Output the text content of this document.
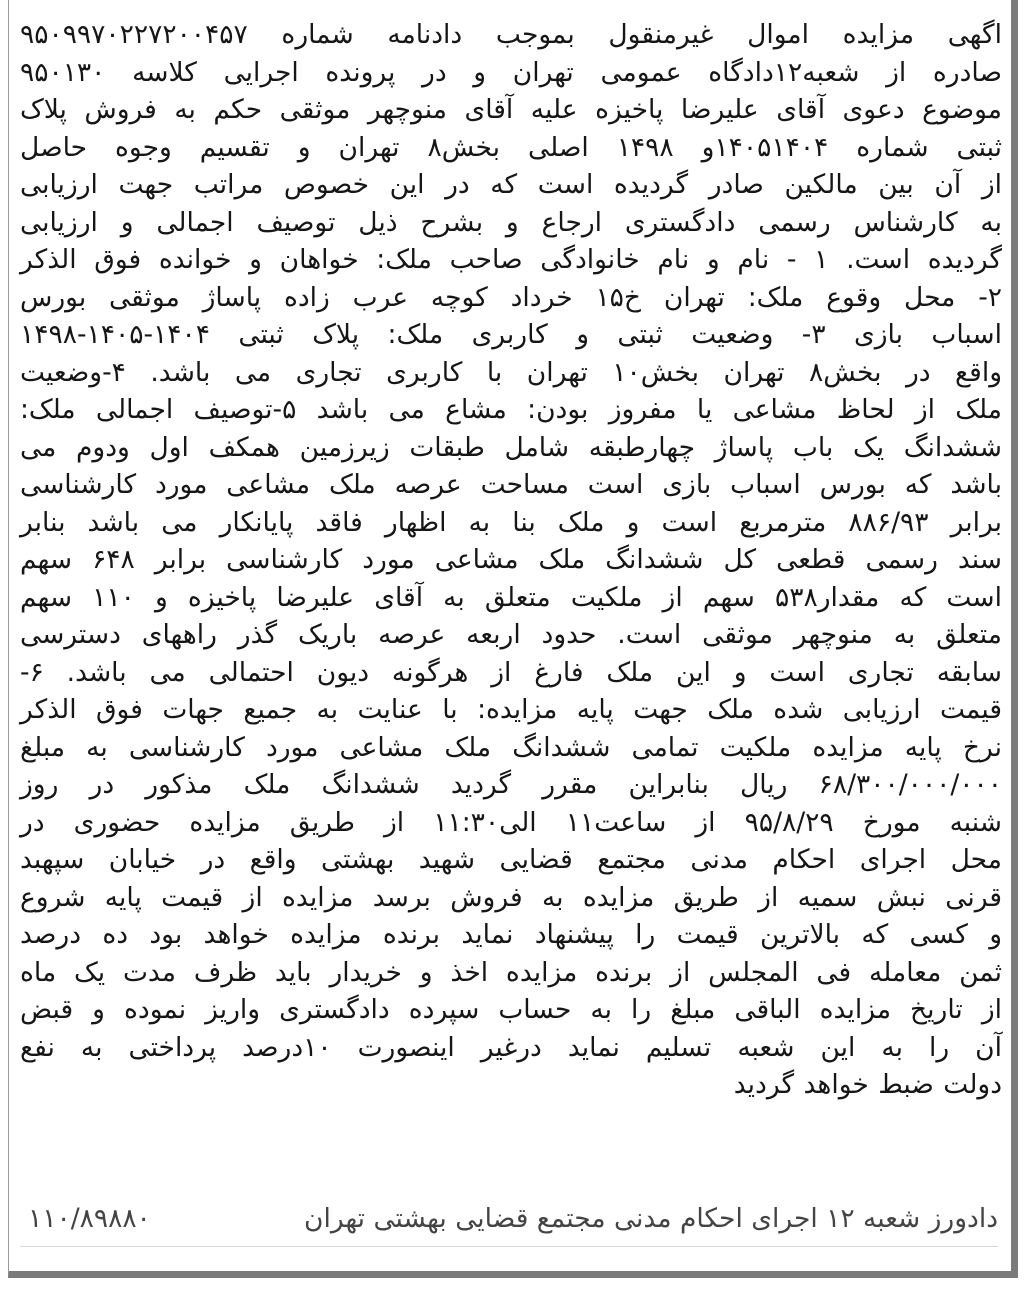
اگهی مزایده اموال غیرمنقول بموجب دادنامه شماره ۹۵۰۹۹۷۰۲۲۷۲۰۰۴۵۷
صادره از شعبه۱۲دادگاه عمومی تهران و در پرونده اجرایی کلاسه ۹۵۰۱۳۰
موضوع دعوی آقای علیرضا پاخیزه علیه آقای منوچهر موثقی حکم به فروش پلاک
ثبتی شماره ۱۴۰۵۱۴۰۴و ۱۴۹۸ اصلی بخش۸ تهران و تقسیم وجوه حاصل
از آن بین مالکین صادر گردیده است که در این خصوص مراتب جهت ارزیابی
به کارشناس رسمی دادگستری ارجاع و بشرح ذیل توصیف اجمالی و ارزیابی
گردیده است. ۱ - نام و نام خانوادگی صاحب ملک: خواهان و خوانده فوق الذکر
۲- محل وقوع ملک: تهران خ۱۵ خرداد کوچه عرب زاده پاساژ موثقی بورس
اسباب بازی ۳- وضعیت ثبتی و کاربری ملک: پلاک ثبتی ۱۴۰۴-۱۴۰۵-۱۴۹۸
واقع در بخش۸ تهران بخش۱۰ تهران با کاربری تجاری می باشد. ۴-وضعیت
ملک از لحاظ مشاعی یا مفروز بودن: مشاع می باشد ۵-توصیف اجمالی ملک:
ششدانگ یک باب پاساژ چهارطبقه شامل طبقات زیرزمین همکف اول ودوم می
باشد که بورس اسباب بازی است مساحت عرصه ملک مشاعی مورد کارشناسی
برابر ۸۸۶/۹۳ مترمربع است و ملک بنا به اظهار فاقد پایانکار می باشد بنابر
سند رسمی قطعی کل ششدانگ ملک مشاعی مورد کارشناسی برابر ۶۴۸ سهم
است که مقدار۵۳۸ سهم از ملکیت متعلق به آقای علیرضا پاخیزه و ۱۱۰ سهم
متعلق به منوچهر موثقی است. حدود اربعه عرصه باریک گذر راههای دسترسی
سابقه تجاری است و این ملک فارغ از هرگونه دیون احتمالی می باشد. ۶-
قیمت ارزیابی شده ملک جهت پایه مزایده: با عنایت به جمیع جهات فوق الذکر
نرخ پایه مزایده ملکیت تمامی ششدانگ ملک مشاعی مورد کارشناسی به مبلغ
۶۸/۳۰۰/۰۰۰/۰۰۰ ریال بنابراین مقرر گردید ششدانگ ملک مذکور در روز
شنبه مورخ ۹۵/۸/۲۹ از ساعت۱۱ الی۱۱:۳۰ از طریق مزایده حضوری در
محل اجرای احکام مدنی مجتمع قضایی شهید بهشتی واقع در خیابان سپهبد
قرنی نبش سمیه از طریق مزایده به فروش برسد مزایده از قیمت پایه شروع
و کسی که بالاترین قیمت را پیشنهاد نماید برنده مزایده خواهد بود ده درصد
ثمن معامله فی المجلس از برنده مزایده اخذ و خریدار باید ظرف مدت یک ماه
از تاریخ مزایده الباقی مبلغ را به حساب سپرده دادگستری واریز نموده و قبض
آن را به این شعبه تسلیم نماید درغیر اینصورت ۱۰درصد پرداختی به نفع
دولت ضبط خواهد گردید
دادورز شعبه ۱۲ اجرای احکام مدنی مجتمع قضایی بهشتی تهران
۱۱۰/۸۹۸۸۰
